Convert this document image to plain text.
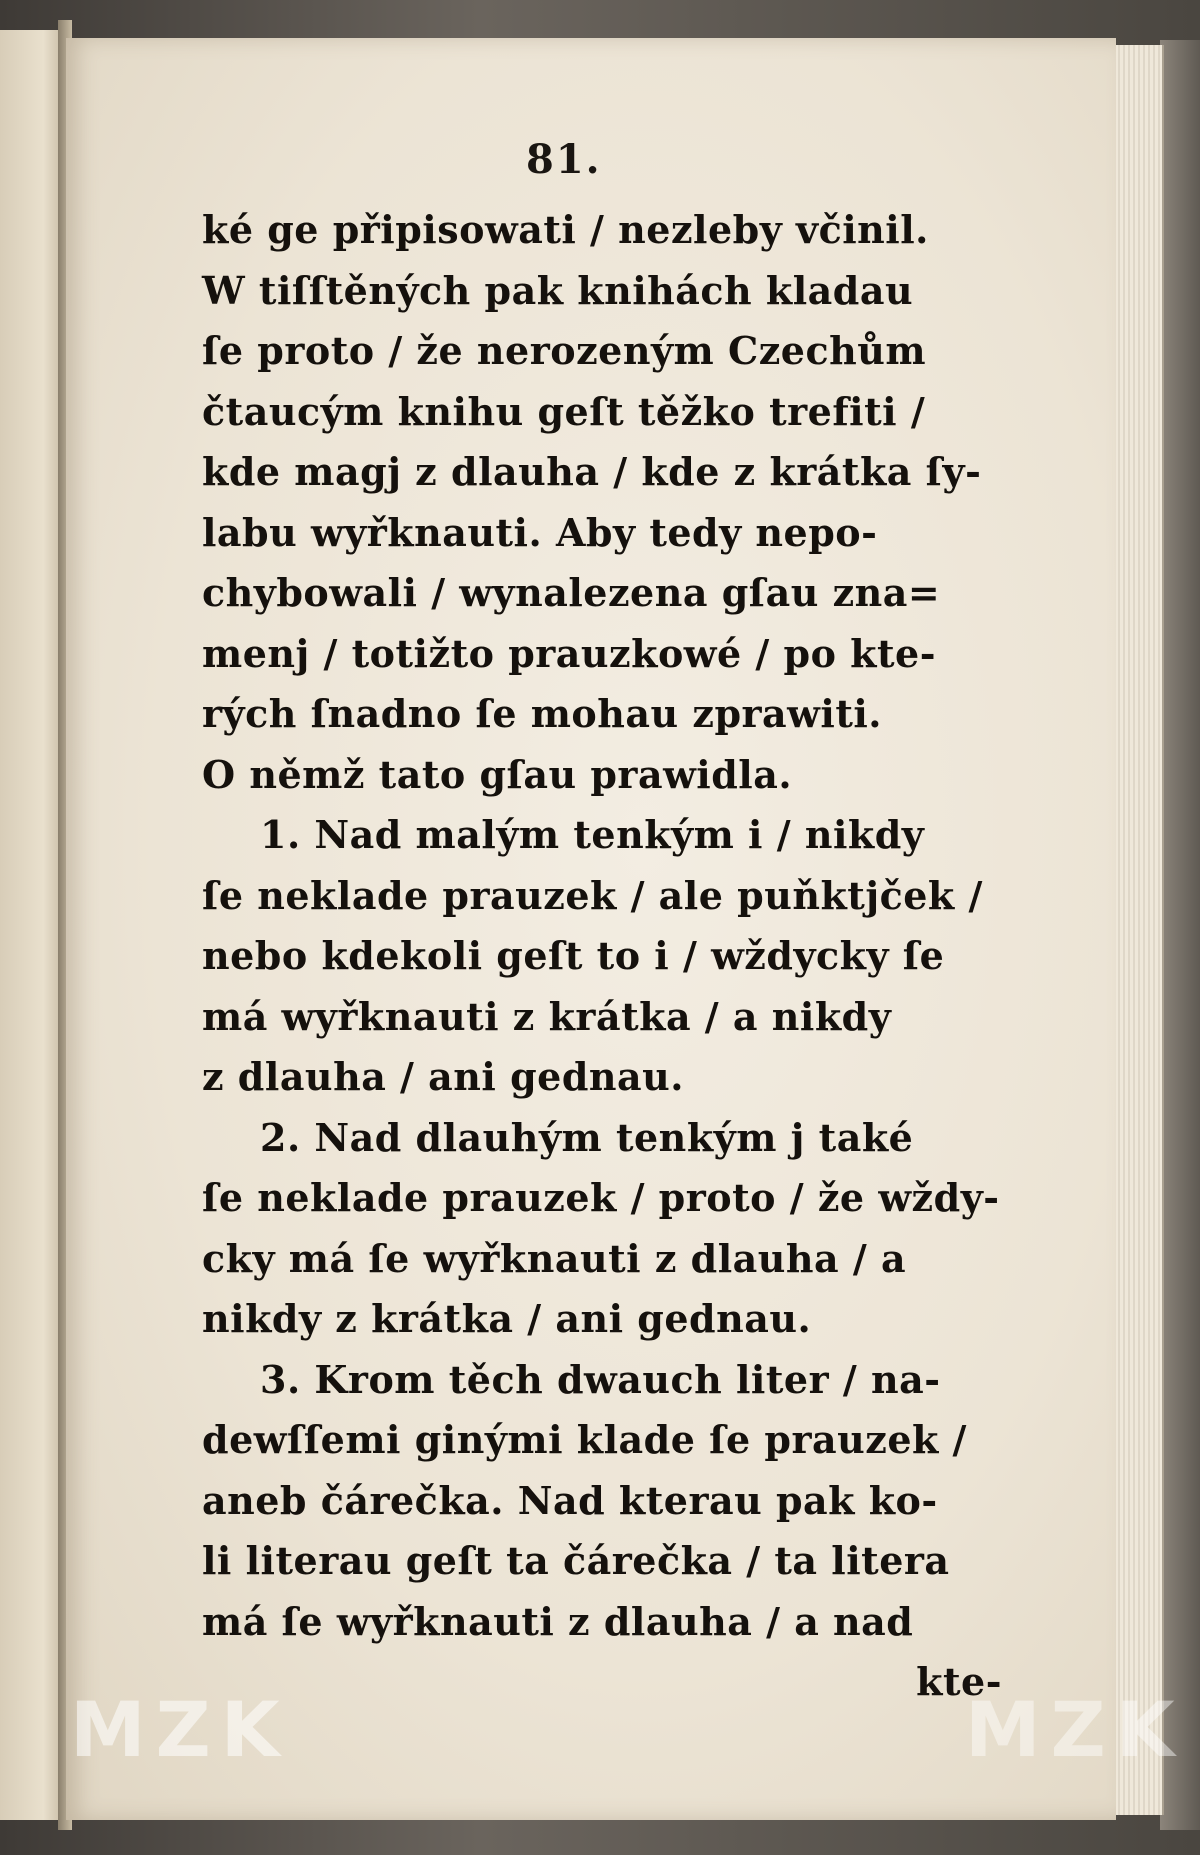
81.
ké ge připisowati / nezleby včinil.
W tiſſtěných pak knihách kladau
ſe proto / že nerozeným Czechům
čtaucým knihu geſt těžko trefiti /
kde magj z dlauha / kde z krátka ſy-
labu wyřknauti. Aby tedy nepo-
chybowali / wynalezena gſau zna=
menj / totižto prauzkowé / po kte-
rých ſnadno ſe mohau zprawiti.
O němž tato gſau prawidla.
1. Nad malým tenkým i / nikdy
ſe neklade prauzek / ale puňktjček /
nebo kdekoli geſt to i / wždycky ſe
má wyřknauti z krátka / a nikdy
z dlauha / ani gednau.
2. Nad dlauhým tenkým j také
ſe neklade prauzek / proto / že wždy-
cky má ſe wyřknauti z dlauha / a
nikdy z krátka / ani gednau.
3. Krom těch dwauch liter / na-
dewſſemi ginými klade ſe prauzek /
aneb čárečka. Nad kterau pak ko-
li literau geſt ta čárečka / ta litera
má ſe wyřknauti z dlauha / a nad
kte-
MZK	MZK
